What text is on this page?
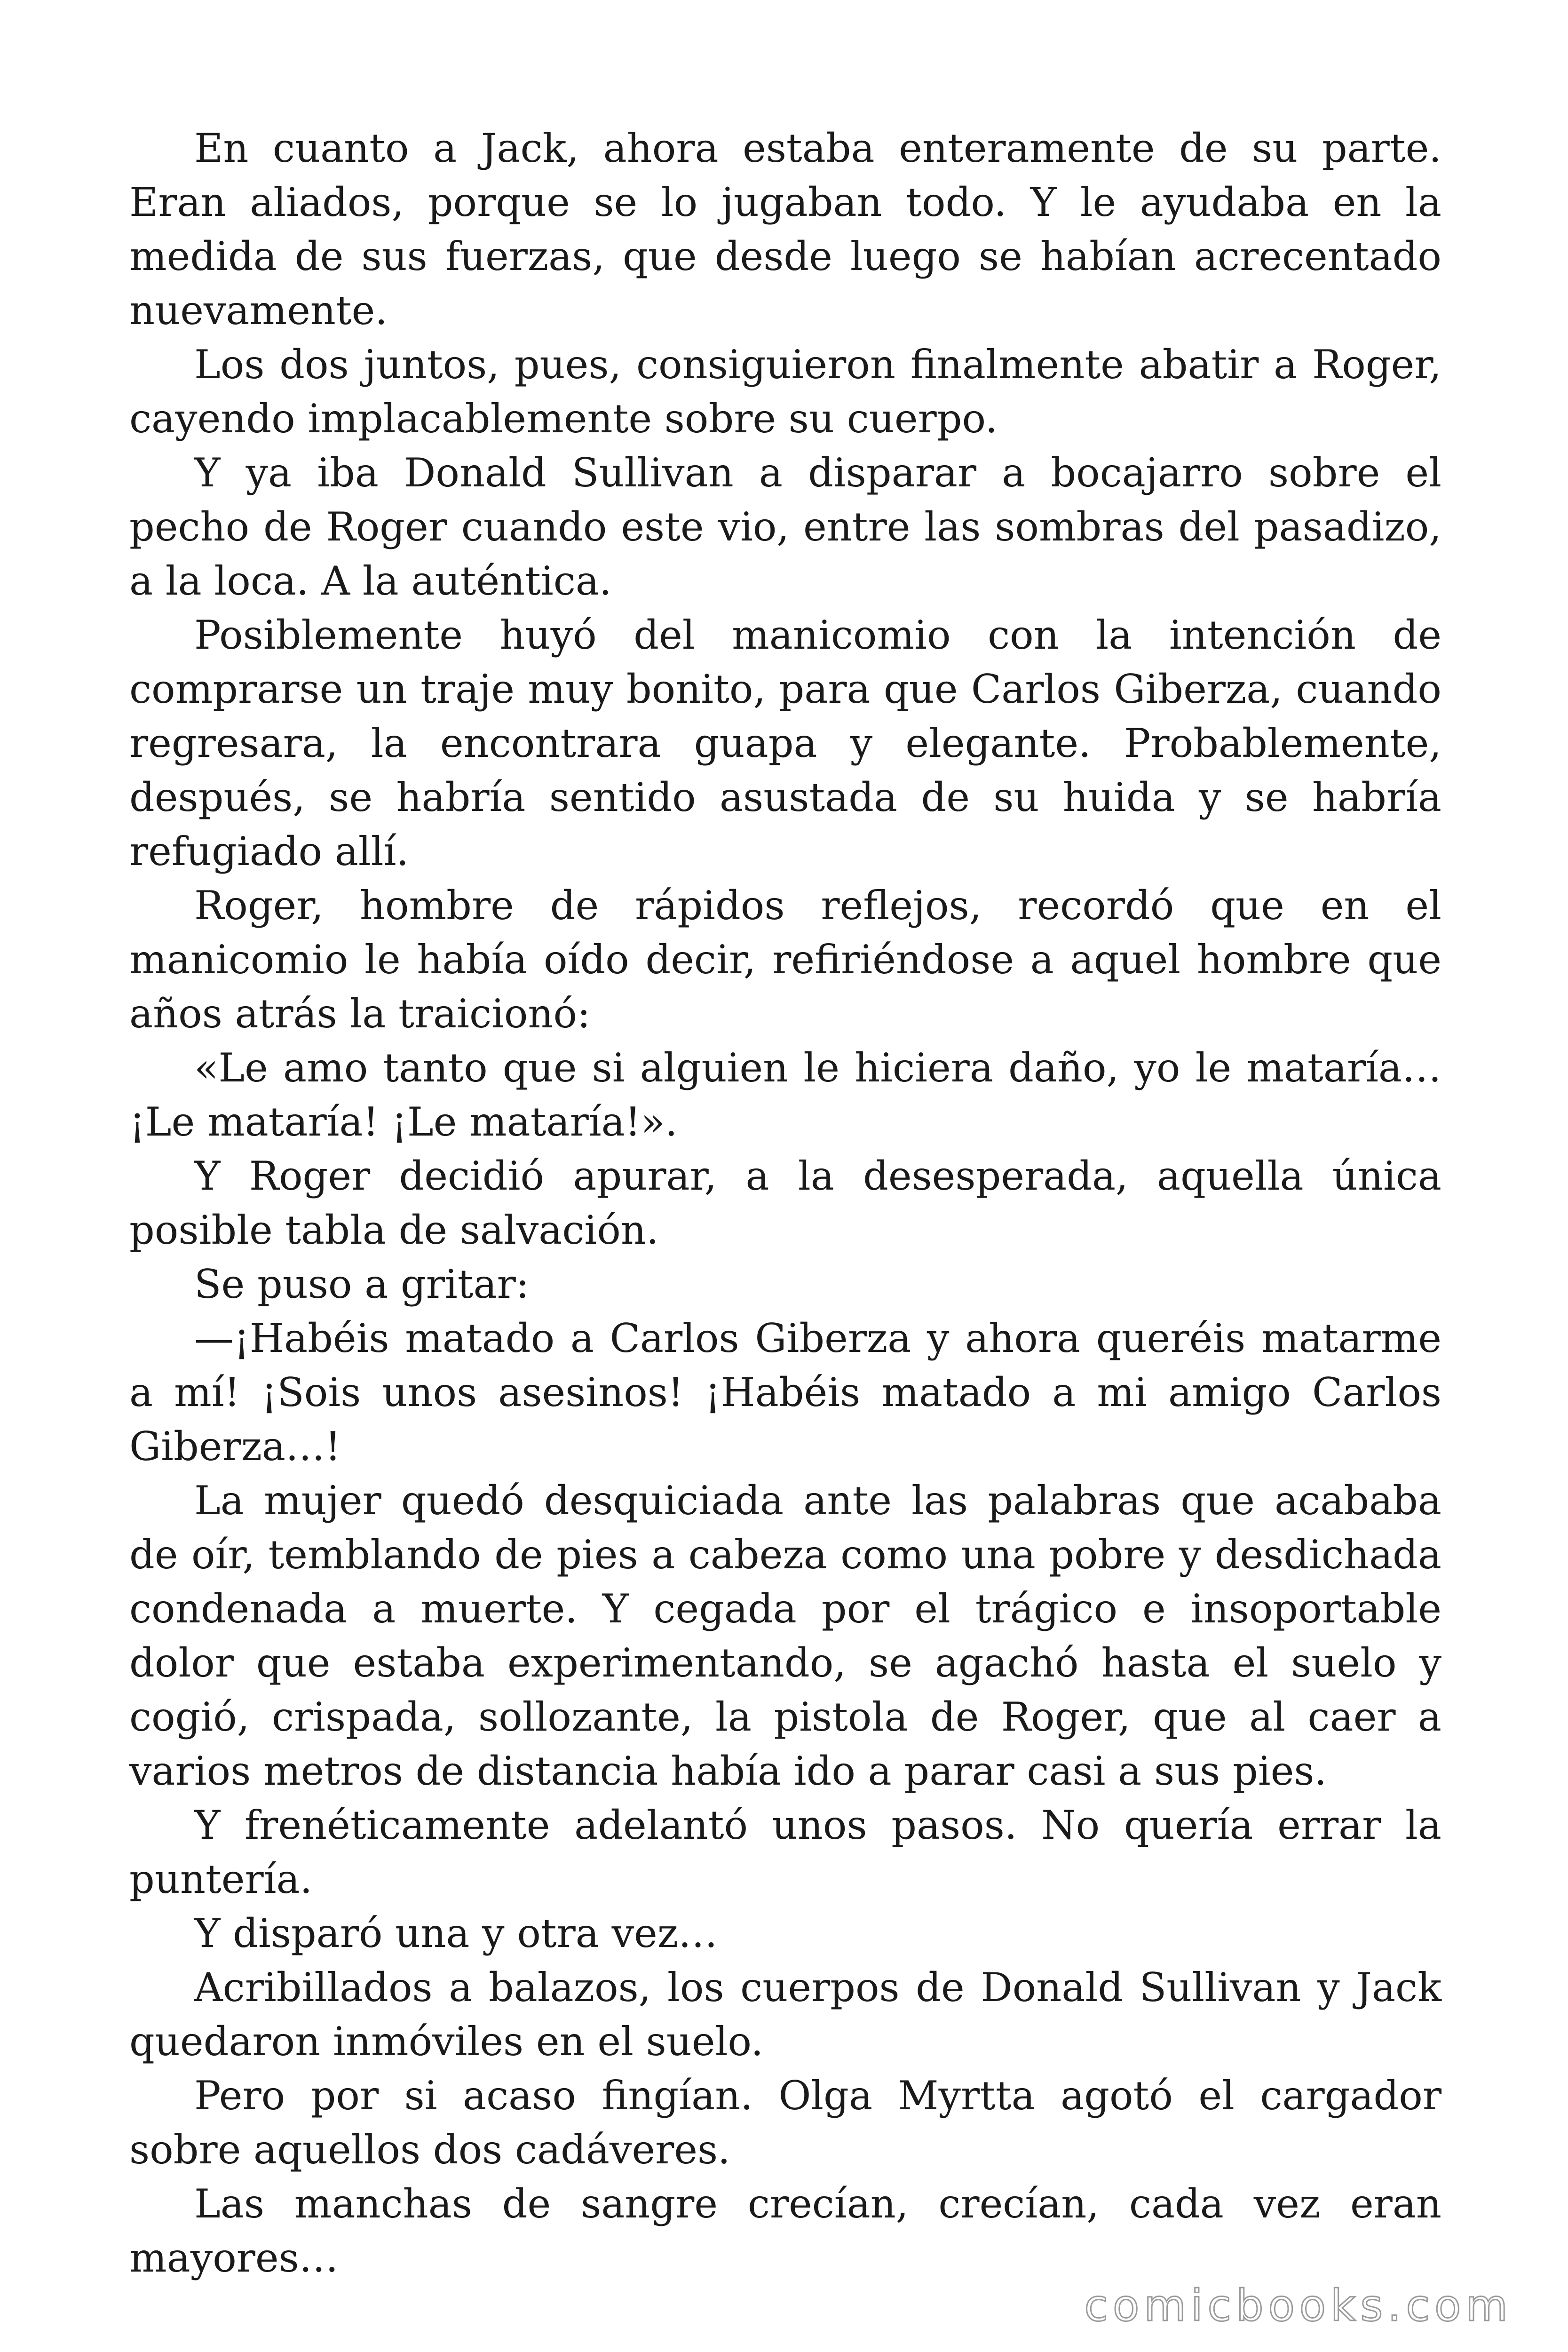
En cuanto a Jack, ahora estaba enteramente de su parte. Eran aliados, porque se lo jugaban todo. Y le ayudaba en la medida de sus fuerzas, que desde luego se habían acrecentado nuevamente.

Los dos juntos, pues, consiguieron finalmente abatir a Roger, cayendo implacablemente sobre su cuerpo.

Y ya iba Donald Sullivan a disparar a bocajarro sobre el pecho de Roger cuando este vio, entre las sombras del pasadizo, a la loca. A la auténtica.

Posiblemente huyó del manicomio con la intención de comprarse un traje muy bonito, para que Carlos Giberza, cuando regresara, la encontrara guapa y elegante. Probablemente, después, se habría sentido asustada de su huida y se habría refugiado allí.

Roger, hombre de rápidos reflejos, recordó que en el manicomio le había oído decir, refiriéndose a aquel hombre que años atrás la traicionó:

«Le amo tanto que si alguien le hiciera daño, yo le mataría… ¡Le mataría! ¡Le mataría!».

Y Roger decidió apurar, a la desesperada, aquella única posible tabla de salvación.

Se puso a gritar:

—¡Habéis matado a Carlos Giberza y ahora queréis matarme a mí! ¡Sois unos asesinos! ¡Habéis matado a mi amigo Carlos Giberza…!

La mujer quedó desquiciada ante las palabras que acababa de oír, temblando de pies a cabeza como una pobre y desdichada condenada a muerte. Y cegada por el trágico e insoportable dolor que estaba experimentando, se agachó hasta el suelo y cogió, crispada, sollozante, la pistola de Roger, que al caer a varios metros de distancia había ido a parar casi a sus pies.

Y frenéticamente adelantó unos pasos. No quería errar la puntería.

Y disparó una y otra vez…

Acribillados a balazos, los cuerpos de Donald Sullivan y Jack quedaron inmóviles en el suelo.

Pero por si acaso fingían. Olga Myrtta agotó el cargador sobre aquellos dos cadáveres.

Las manchas de sangre crecían, crecían, cada vez eran mayores…

comicbooks.com
